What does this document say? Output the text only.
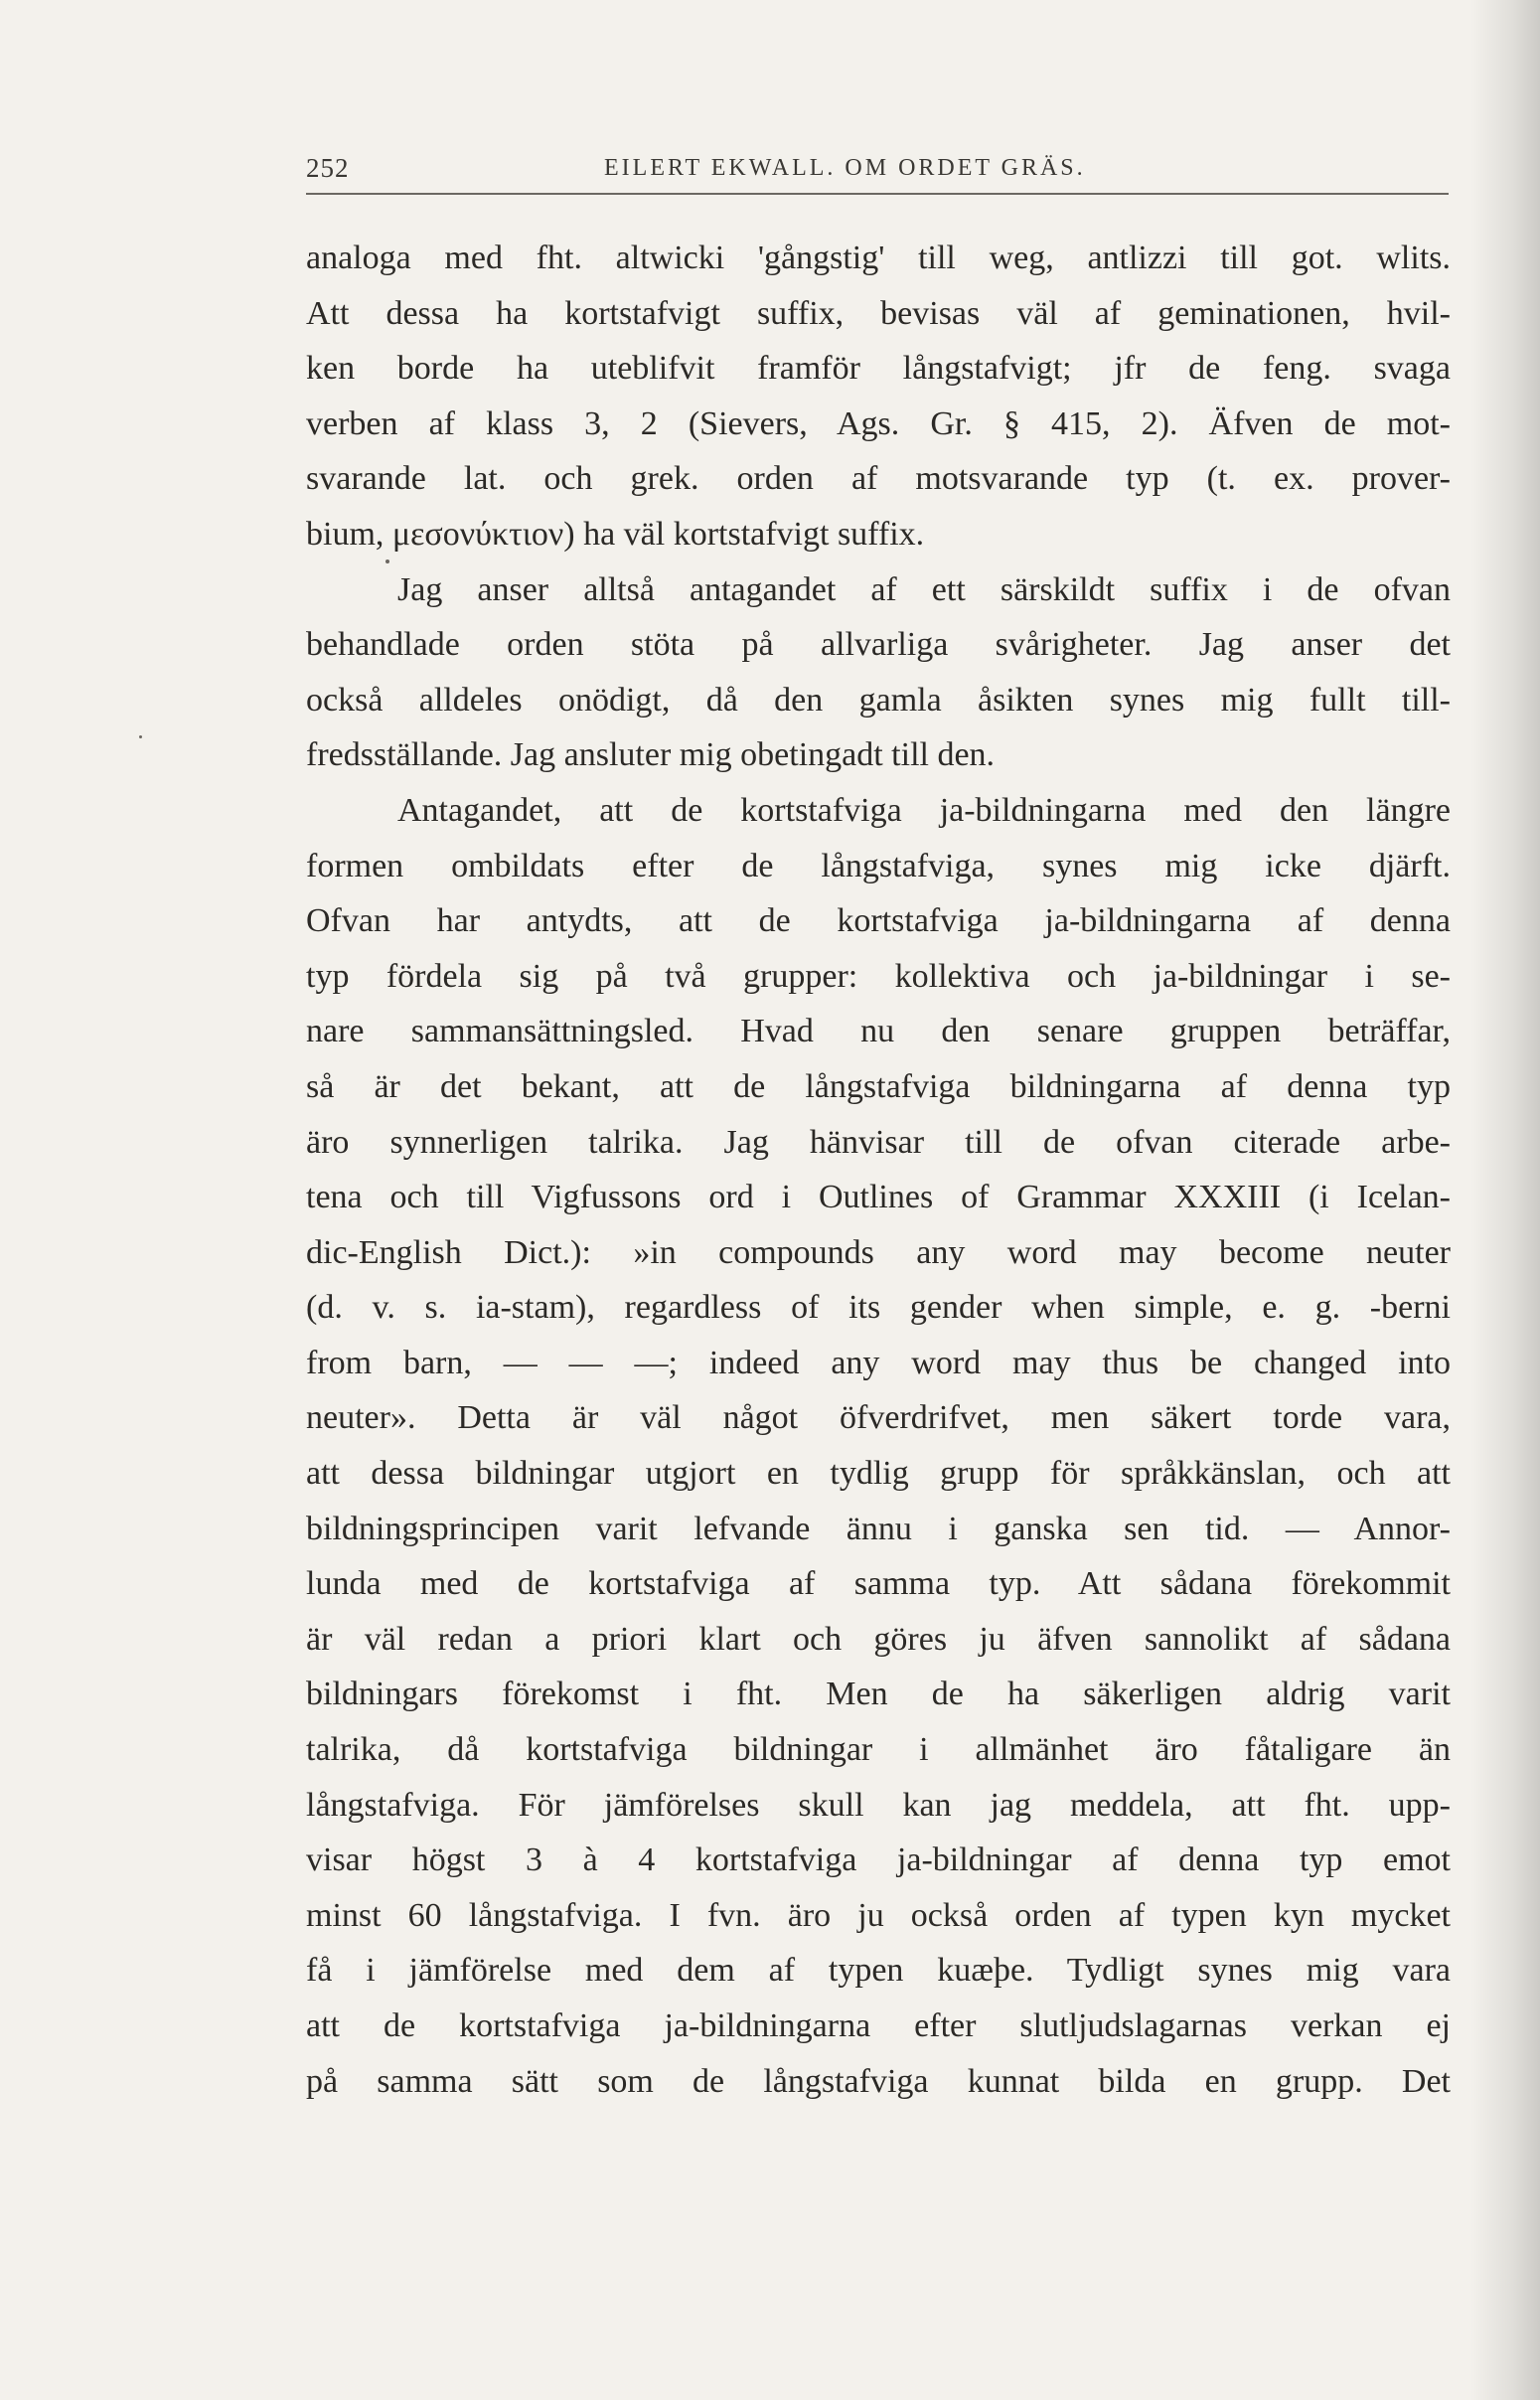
252	EILERT EKWALL. OM ORDET GRÄS.
analoga med fht. altwicki 'gångstig' till weg, antlizzi till got. wlits.
Att dessa ha kortstafvigt suffix, bevisas väl af geminationen, hvil-
ken borde ha uteblifvit framför långstafvigt; jfr de feng. svaga
verben af klass 3, 2 (Sievers, Ags. Gr. § 415, 2). Äfven de mot-
svarande lat. och grek. orden af motsvarande typ (t. ex. prover-
bium, μεσονύκτιον) ha väl kortstafvigt suffix.
Jag anser alltså antagandet af ett särskildt suffix i de ofvan
behandlade orden stöta på allvarliga svårigheter. Jag anser det
också alldeles onödigt, då den gamla åsikten synes mig fullt till-
fredsställande. Jag ansluter mig obetingadt till den.
Antagandet, att de kortstafviga ja-bildningarna med den längre
formen ombildats efter de långstafviga, synes mig icke djärft.
Ofvan har antydts, att de kortstafviga ja-bildningarna af denna
typ fördela sig på två grupper: kollektiva och ja-bildningar i se-
nare sammansättningsled. Hvad nu den senare gruppen beträffar,
så är det bekant, att de långstafviga bildningarna af denna typ
äro synnerligen talrika. Jag hänvisar till de ofvan citerade arbe-
tena och till Vigfussons ord i Outlines of Grammar XXXIII (i Icelan-
dic-English Dict.): »in compounds any word may become neuter
(d. v. s. ia-stam), regardless of its gender when simple, e. g. -berni
from barn, — — —; indeed any word may thus be changed into
neuter». Detta är väl något öfverdrifvet, men säkert torde vara,
att dessa bildningar utgjort en tydlig grupp för språkkänslan, och att
bildningsprincipen varit lefvande ännu i ganska sen tid. — Annor-
lunda med de kortstafviga af samma typ. Att sådana förekommit
är väl redan a priori klart och göres ju äfven sannolikt af sådana
bildningars förekomst i fht. Men de ha säkerligen aldrig varit
talrika, då kortstafviga bildningar i allmänhet äro fåtaligare än
långstafviga. För jämförelses skull kan jag meddela, att fht. upp-
visar högst 3 à 4 kortstafviga ja-bildningar af denna typ emot
minst 60 långstafviga. I fvn. äro ju också orden af typen kyn mycket
få i jämförelse med dem af typen kuæþe. Tydligt synes mig vara
att de kortstafviga ja-bildningarna efter slutljudslagarnas verkan ej
på samma sätt som de långstafviga kunnat bilda en grupp. Det
